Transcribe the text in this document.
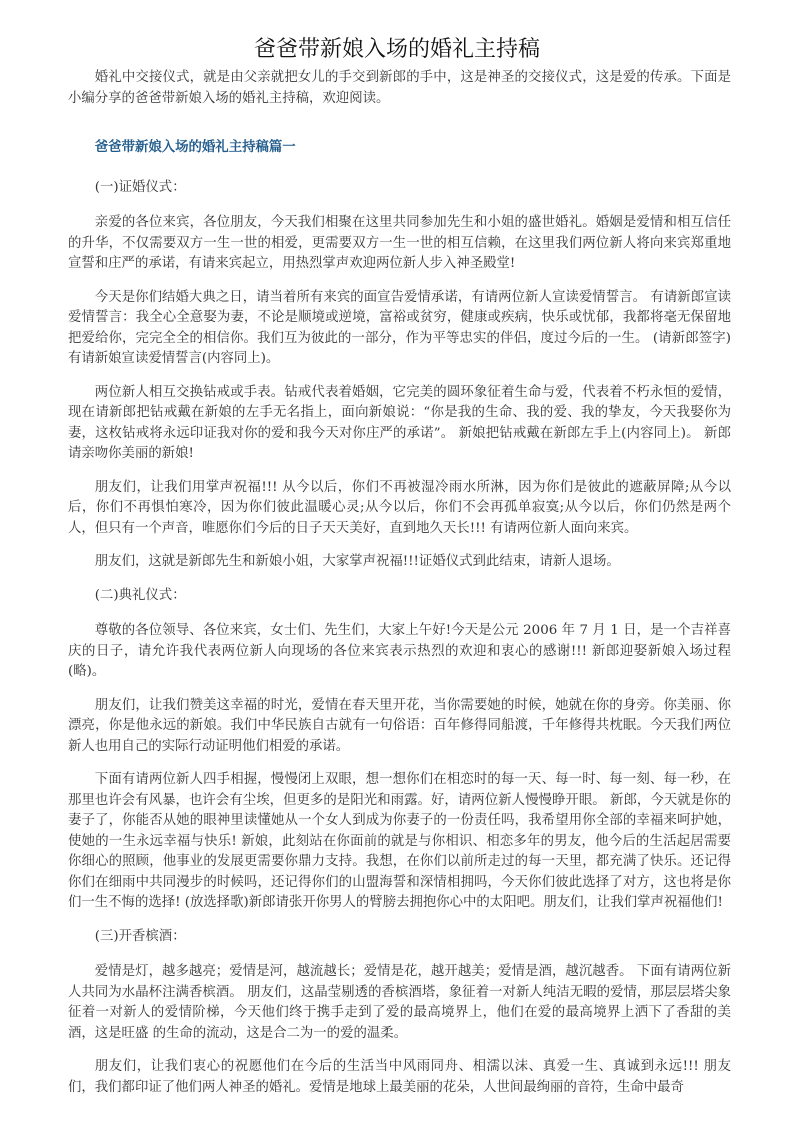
爸爸带新娘入场的婚礼主持稿

婚礼中交接仪式，就是由父亲就把女儿的手交到新郎的手中，这是神圣的交接仪式，这是爱的传承。下面是小编分享的爸爸带新娘入场的婚礼主持稿，欢迎阅读。

爸爸带新娘入场的婚礼主持稿篇一

(一)证婚仪式：

亲爱的各位来宾，各位朋友，今天我们相聚在这里共同参加先生和小姐的盛世婚礼。婚姻是爱情和相互信任的升华，不仅需要双方一生一世的相爱，更需要双方一生一世的相互信赖，在这里我们两位新人将向来宾郑重地宣誓和庄严的承诺，有请来宾起立，用热烈掌声欢迎两位新人步入神圣殿堂!

今天是你们结婚大典之日，请当着所有来宾的面宣告爱情承诺，有请两位新人宣读爱情誓言。 有请新郎宣读爱情誓言：我全心全意娶为妻，不论是顺境或逆境，富裕或贫穷，健康或疾病，快乐或忧郁，我都将毫无保留地把爱给你，完完全全的相信你。我们互为彼此的一部分，作为平等忠实的伴侣，度过今后的一生。 (请新郎签字) 有请新娘宣读爱情誓言(内容同上)。

两位新人相互交换钻戒或手表。钻戒代表着婚姻，它完美的圆环象征着生命与爱，代表着不朽永恒的爱情，现在请新郎把钻戒戴在新娘的左手无名指上，面向新娘说：“你是我的生命、我的爱、我的挚友，今天我娶你为妻，这枚钻戒将永远印证我对你的爱和我今天对你庄严的承诺”。 新娘把钻戒戴在新郎左手上(内容同上)。 新郎请亲吻你美丽的新娘!

朋友们，让我们用掌声祝福!!! 从今以后，你们不再被湿冷雨水所淋，因为你们是彼此的遮蔽屏障;从今以后，你们不再惧怕寒冷，因为你们彼此温暖心灵;从今以后，你们不会再孤单寂寞;从今以后，你们仍然是两个人，但只有一个声音，唯愿你们今后的日子天天美好，直到地久天长!!! 有请两位新人面向来宾。

朋友们，这就是新郎先生和新娘小姐，大家掌声祝福!!!证婚仪式到此结束，请新人退场。

(二)典礼仪式：

尊敬的各位领导、各位来宾，女士们、先生们，大家上午好!今天是公元 2006 年 7 月 1 日，是一个吉祥喜庆的日子，请允许我代表两位新人向现场的各位来宾表示热烈的欢迎和衷心的感谢!!! 新郎迎娶新娘入场过程(略)。

朋友们，让我们赞美这幸福的时光，爱情在春天里开花，当你需要她的时候，她就在你的身旁。你美丽、你漂亮，你是他永远的新娘。我们中华民族自古就有一句俗语：百年修得同船渡，千年修得共枕眠。今天我们两位新人也用自己的实际行动证明他们相爱的承诺。

下面有请两位新人四手相握，慢慢闭上双眼，想一想你们在相恋时的每一天、每一时、每一刻、每一秒，在那里也许会有风暴，也许会有尘埃，但更多的是阳光和雨露。好，请两位新人慢慢睁开眼。 新郎，今天就是你的妻子了，你能否从她的眼神里读懂她从一个女人到成为你妻子的一份责任吗，我希望用你全部的幸福来呵护她，使她的一生永远幸福与快乐! 新娘，此刻站在你面前的就是与你相识、相恋多年的男友，他今后的生活起居需要你细心的照顾，他事业的发展更需要你鼎力支持。我想，在你们以前所走过的每一天里，都充满了快乐。还记得你们在细雨中共同漫步的时候吗，还记得你们的山盟海誓和深情相拥吗，今天你们彼此选择了对方，这也将是你们一生不悔的选择! (放选择歌)新郎请张开你男人的臂膀去拥抱你心中的太阳吧。朋友们，让我们掌声祝福他们!

(三)开香槟酒：

爱情是灯，越多越亮；爱情是河，越流越长；爱情是花，越开越美；爱情是酒，越沉越香。 下面有请两位新人共同为水晶杯注满香槟酒。 朋友们，这晶莹剔透的香槟酒塔，象征着一对新人纯洁无暇的爱情，那层层塔尖象征着一对新人的爱情阶梯，今天他们终于携手走到了爱的最高境界上，他们在爱的最高境界上洒下了香甜的美酒，这是旺盛 的生命的流动，这是合二为一的爱的温柔。

朋友们，让我们衷心的祝愿他们在今后的生活当中风雨同舟、相濡以沫、真爱一生、真诚到永远!!! 朋友们，我们都印证了他们两人神圣的婚礼。爱情是地球上最美丽的花朵，人世间最绚丽的音符，生命中最奇
